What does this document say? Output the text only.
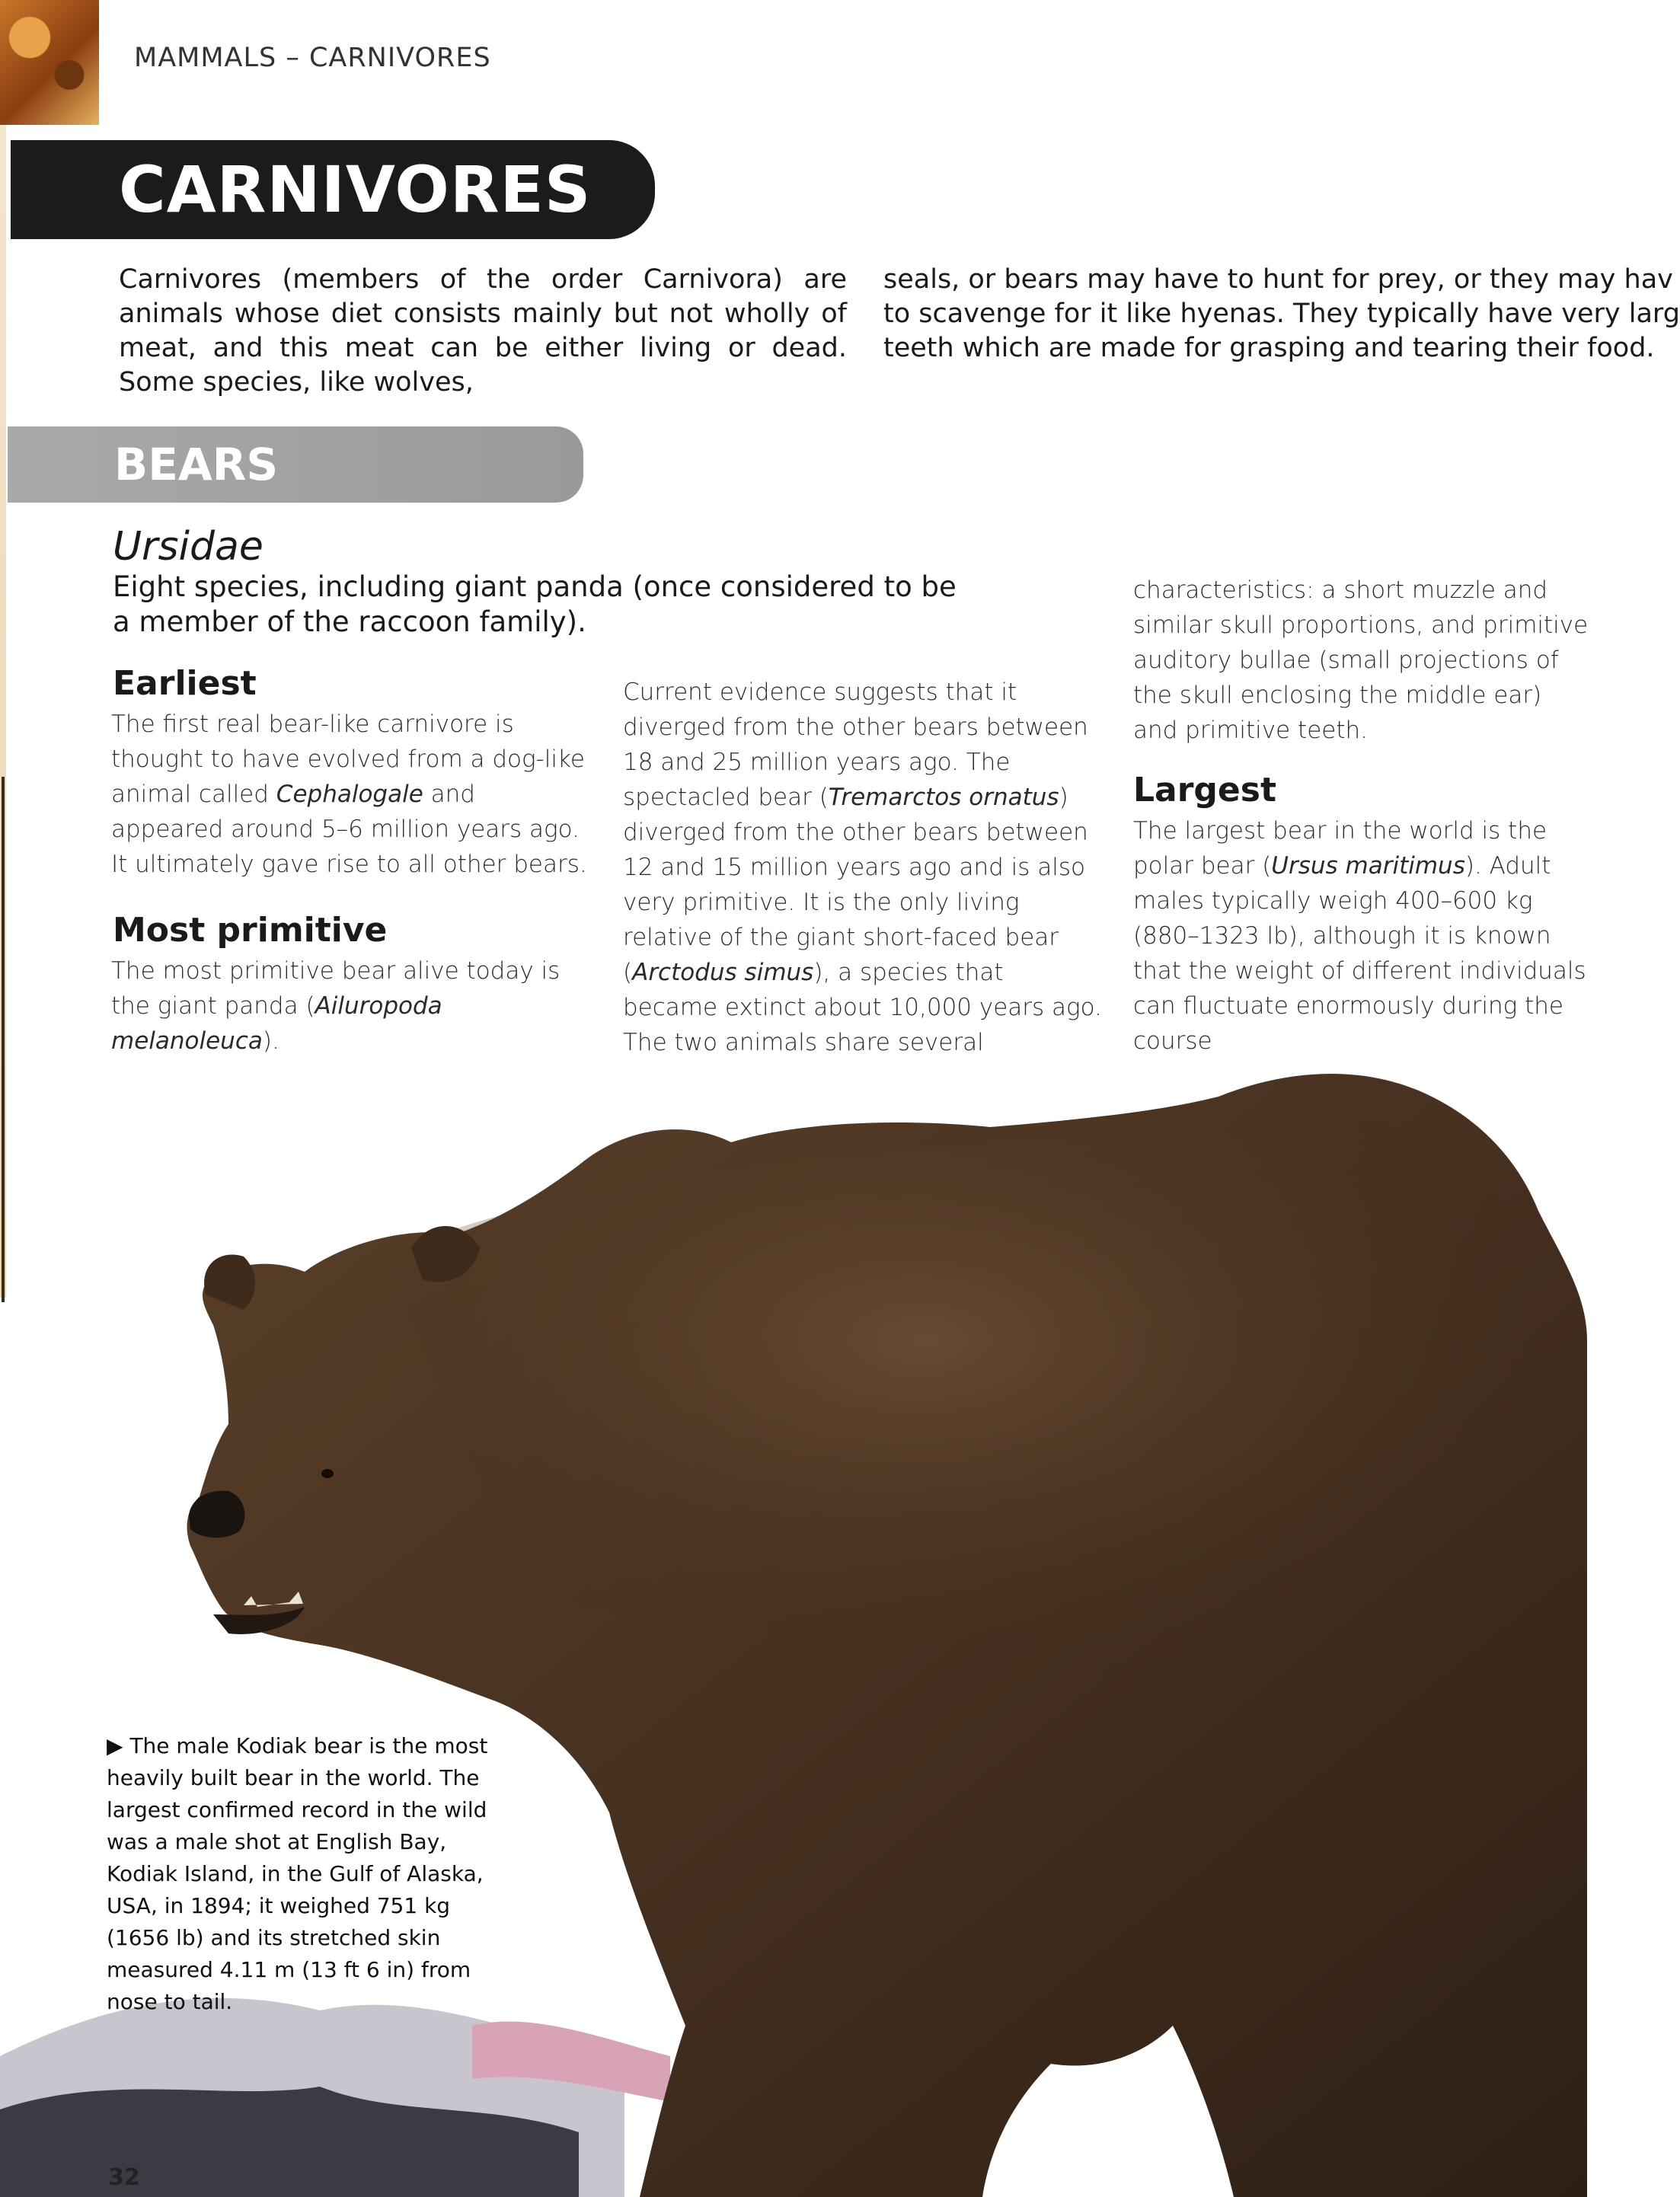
MAMMALS – CARNIVORES
CARNIVORES
Carnivores (members of the order Carnivora) are animals whose diet consists mainly but not wholly of meat, and this meat can be either living or dead. Some species, like wolves,
seals, or bears may have to hunt for prey, or they may hav
to scavenge for it like hyenas. They typically have very larg
teeth which are made for grasping and tearing their food.
BEARS
Ursidae
Eight species, including giant panda (once considered to be a member of the raccoon family).
Earliest
The first real bear-like carnivore is thought to have evolved from a dog-like animal called Cephalogale and appeared around 5–6 million years ago. It ultimately gave rise to all other bears.
Most primitive
The most primitive bear alive today is the giant panda (Ailuropoda melanoleuca).
Current evidence suggests that it diverged from the other bears between 18 and 25 million years ago. The spectacled bear (Tremarctos ornatus) diverged from the other bears between 12 and 15 million years ago and is also very primitive. It is the only living relative of the giant short-faced bear (Arctodus simus), a species that became extinct about 10,000 years ago. The two animals share several
characteristics: a short muzzle and similar skull proportions, and primitive auditory bullae (small projections of the skull enclosing the middle ear) and primitive teeth.
Largest
The largest bear in the world is the polar bear (Ursus maritimus). Adult males typically weigh 400–600 kg (880–1323 lb), although it is known that the weight of different individuals can fluctuate enormously during the course
▶ The male Kodiak bear is the most heavily built bear in the world. The largest confirmed record in the wild was a male shot at English Bay, Kodiak Island, in the Gulf of Alaska, USA, in 1894; it weighed 751 kg (1656 lb) and its stretched skin measured 4.11 m (13 ft 6 in) from nose to tail.
32
